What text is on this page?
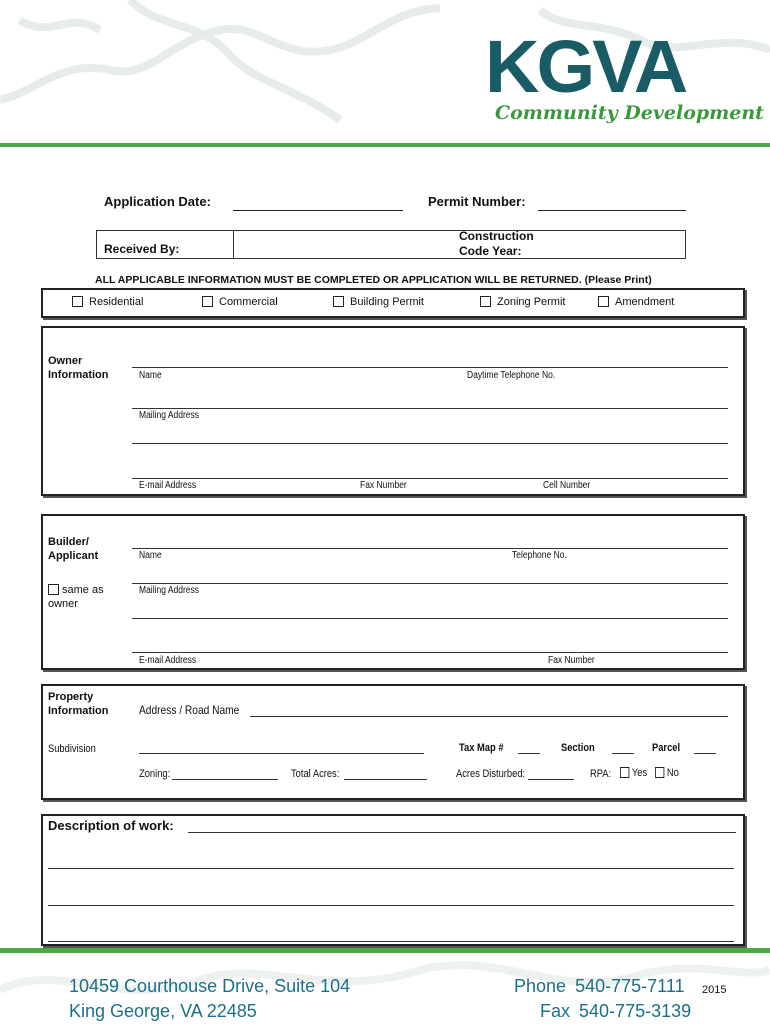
KGVA
Community Development
Application Date:	Permit Number:
Received By:
Construction
Code Year:
ALL APPLICABLE INFORMATION MUST BE COMPLETED OR APPLICATION WILL BE RETURNED. (Please Print)
Residential	Commercial	Building Permit	Zoning Permit	Amendment
Owner
Information	Name	Daytime Telephone No.
Mailing Address
E-mail Address	Fax Number	Cell Number
Builder/
Applicant
same as
owner
Name	Telephone No.
Mailing Address
E-mail Address	Fax Number
Property
Information	Address / Road Name
Subdivision	Tax Map #	Section	Parcel
Zoning:	Total Acres:	Acres Disturbed:	RPA:	Yes	No
Description of work:
10459 Courthouse Drive, Suite 104
King George, VA 22485
Phone 540-775-7111 2015
Fax 540-775-3139
